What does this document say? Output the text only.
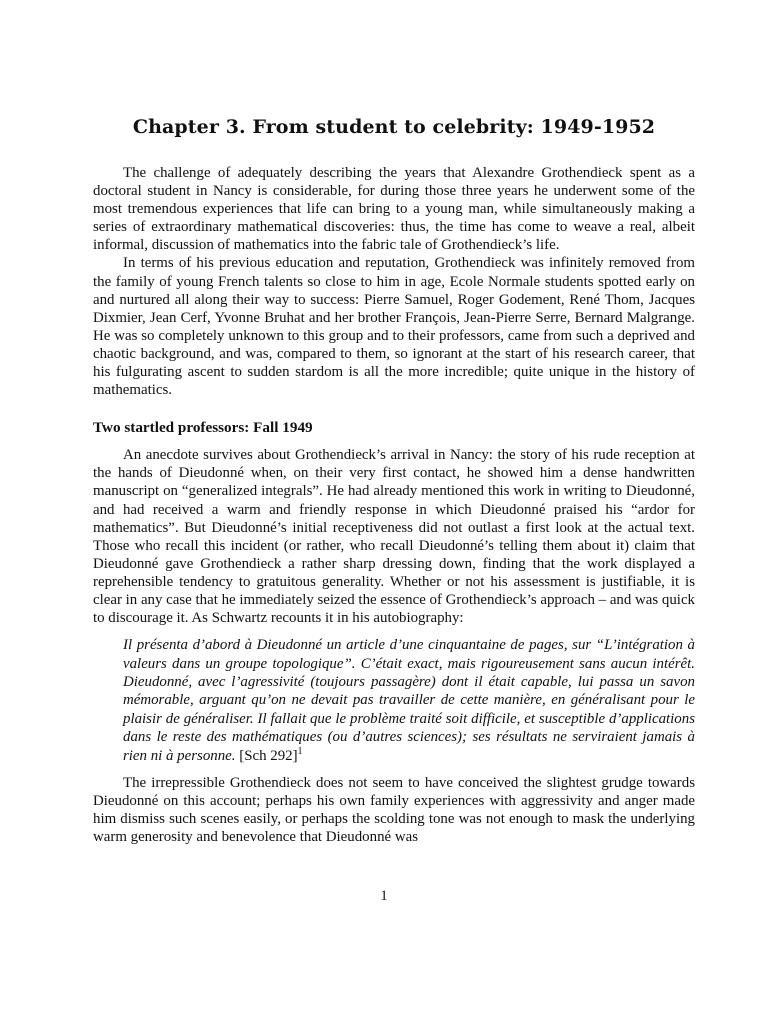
Chapter 3. From student to celebrity: 1949-1952

The challenge of adequately describing the years that Alexandre Grothendieck spent as a doctoral student in Nancy is considerable, for during those three years he underwent some of the most tremendous experiences that life can bring to a young man, while simultaneously making a series of extraordinary mathematical discoveries: thus, the time has come to weave a real, albeit informal, discussion of mathematics into the fabric tale of Grothendieck’s life.

In terms of his previous education and reputation, Grothendieck was infinitely removed from the family of young French talents so close to him in age, Ecole Normale students spotted early on and nurtured all along their way to success: Pierre Samuel, Roger Godement, René Thom, Jacques Dixmier, Jean Cerf, Yvonne Bruhat and her brother François, Jean-Pierre Serre, Bernard Malgrange. He was so completely unknown to this group and to their professors, came from such a deprived and chaotic background, and was, compared to them, so ignorant at the start of his research career, that his fulgurating ascent to sudden stardom is all the more incredible; quite unique in the history of mathematics.

Two startled professors: Fall 1949

An anecdote survives about Grothendieck’s arrival in Nancy: the story of his rude reception at the hands of Dieudonné when, on their very first contact, he showed him a dense handwritten manuscript on “generalized integrals”. He had already mentioned this work in writing to Dieudonné, and had received a warm and friendly response in which Dieudonné praised his “ardor for mathematics”. But Dieudonné’s initial receptiveness did not outlast a first look at the actual text. Those who recall this incident (or rather, who recall Dieudonné’s telling them about it) claim that Dieudonné gave Grothendieck a rather sharp dressing down, finding that the work displayed a reprehensible tendency to gratuitous generality. Whether or not his assessment is justifiable, it is clear in any case that he immediately seized the essence of Grothendieck’s approach – and was quick to discourage it. As Schwartz recounts it in his autobiography:

Il présenta d’abord à Dieudonné un article d’une cinquantaine de pages, sur “L’intégration à valeurs dans un groupe topologique”. C’était exact, mais rigoureusement sans aucun intérêt. Dieudonné, avec l’agressivité (toujours passagère) dont il était capable, lui passa un savon mémorable, arguant qu’on ne devait pas travailler de cette manière, en généralisant pour le plaisir de généraliser. Il fallait que le problème traité soit difficile, et susceptible d’applications dans le reste des mathématiques (ou d’autres sciences); ses résultats ne serviraient jamais à rien ni à personne. [Sch 292]$^1$

The irrepressible Grothendieck does not seem to have conceived the slightest grudge towards Dieudonné on this account; perhaps his own family experiences with aggressivity and anger made him dismiss such scenes easily, or perhaps the scolding tone was not enough to mask the underlying warm generosity and benevolence that Dieudonné was

1
